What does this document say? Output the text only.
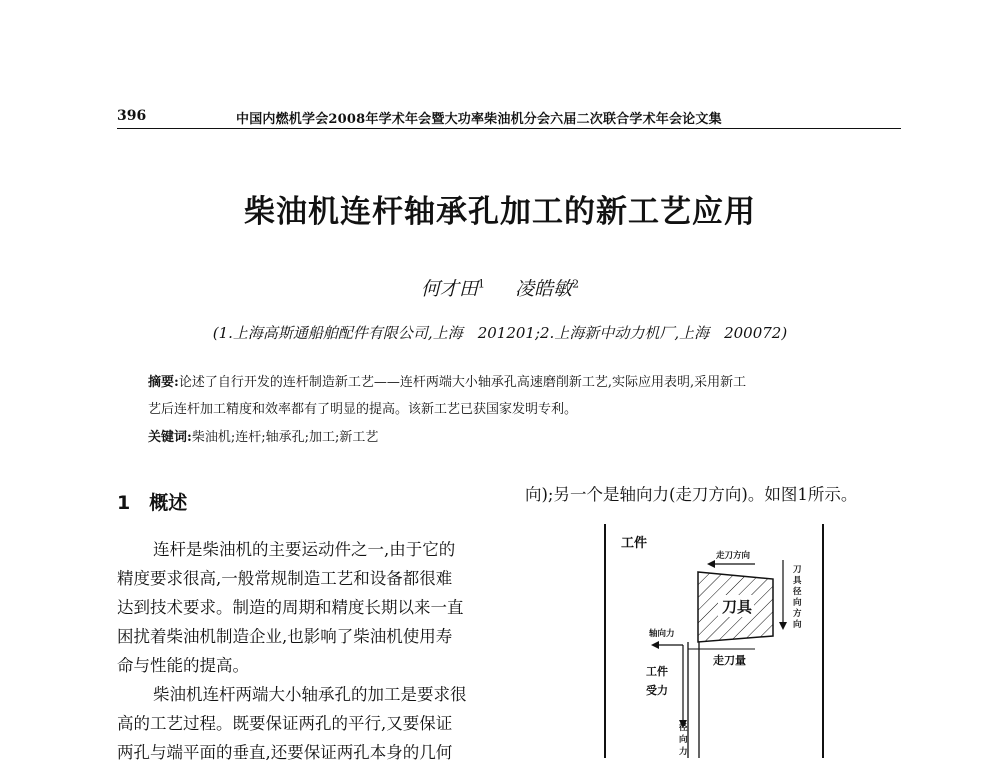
396	中国内燃机学会2008年学术年会暨大功率柴油机分会六届二次联合学术年会论文集
柴油机连杆轴承孔加工的新工艺应用
何才田$^1$ 凌皓敏$^2$
(1.上海高斯通船舶配件有限公司,上海　201201;2.上海新中动力机厂,上海　200072)
摘要:论述了自行开发的连杆制造新工艺——连杆两端大小轴承孔高速磨削新工艺,实际应用表明,采用新工
艺后连杆加工精度和效率都有了明显的提高。该新工艺已获国家发明专利。
关键词:柴油机;连杆;轴承孔;加工;新工艺
向);另一个是轴向力(走刀方向)。如图1所示。
1　概述
连杆是柴油机的主要运动件之一,由于它的
精度要求很高,一般常规制造工艺和设备都很难
达到技术要求。制造的周期和精度长期以来一直
困扰着柴油机制造企业,也影响了柴油机使用寿
命与性能的提高。
柴油机连杆两端大小轴承孔的加工是要求很
高的工艺过程。既要保证两孔的平行,又要保证
两孔与端平面的垂直,还要保证两孔本身的几何
工件
走刀方向
刀具
轴向力
走刀量
工件
受力
刀
具
径
向
方
向
径
向
力
